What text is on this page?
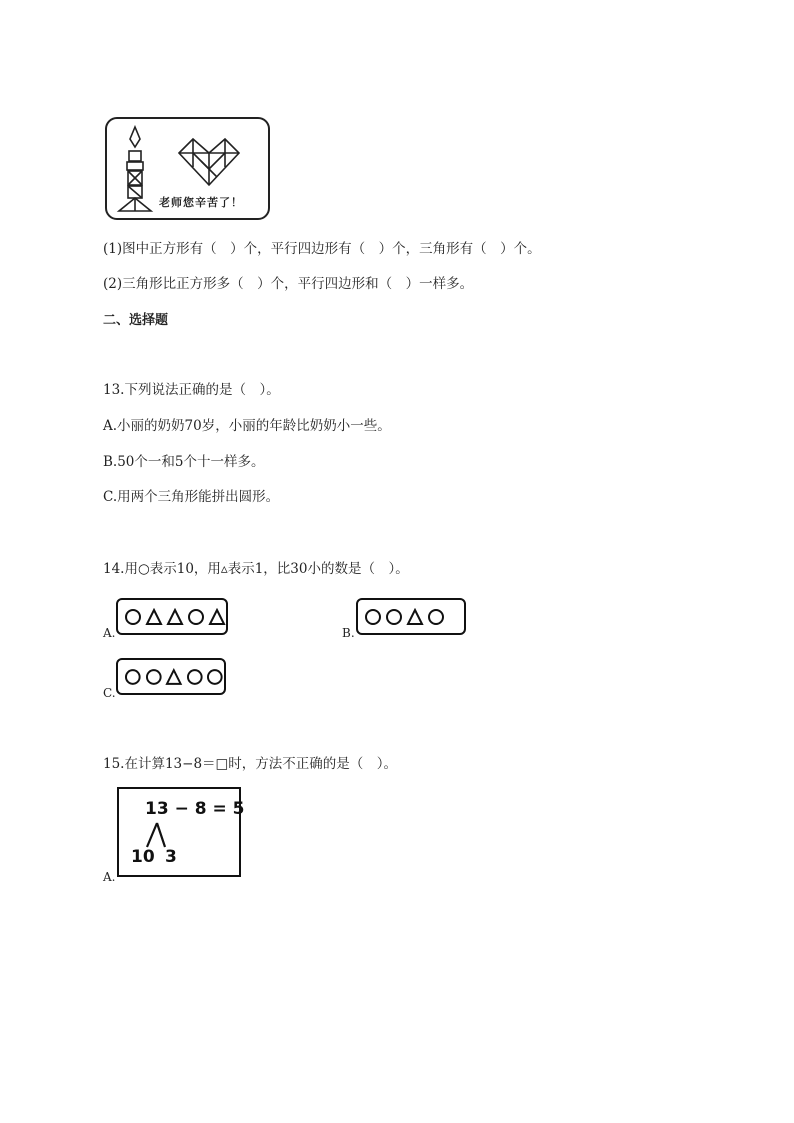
老师您辛苦了！
(1)图中正方形有（　）个，平行四边形有（　）个，三角形有（　）个。
(2)三角形比正方形多（　）个，平行四边形和（　）一样多。
二、选择题
13.下列说法正确的是（　）。
A.小丽的奶奶70岁，小丽的年龄比奶奶小一些。
B.50个一和5个十一样多。
C.用两个三角形能拼出圆形。
14.用○表示10，用▵表示1，比30小的数是（　）。
A.	B.
C.
15.在计算13−8＝□时，方法不正确的是（　）。
A.
13 − 8 = 5
10 3
